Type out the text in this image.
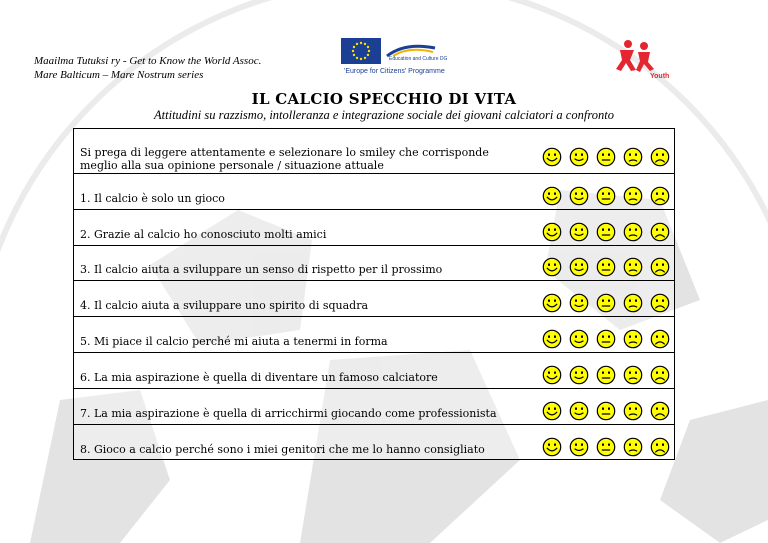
Maailma Tutuksi ry - Get to Know the World Assoc.
Mare Balticum – Mare Nostrum series
Education and Culture DG
'Europe for Citizens' Programme
Youth
IL CALCIO SPECCHIO DI VITA
Attitudini su razzismo, intolleranza e integrazione sociale dei giovani calciatori a confronto
Si prega di leggere attentamente e selezionare lo smiley che corrisponde meglio alla sua opinione personale / situazione attuale
1. Il calcio è solo un gioco
2. Grazie al calcio ho conosciuto molti amici
3. Il calcio aiuta a sviluppare un senso di rispetto per il prossimo
4. Il calcio aiuta a sviluppare uno spirito di squadra
5. Mi piace il calcio perché mi aiuta a tenermi in forma
6. La mia aspirazione è quella di diventare un famoso calciatore
7. La mia aspirazione è quella di arricchirmi giocando come professionista
8. Gioco a calcio perché sono i miei genitori che me lo hanno consigliato
